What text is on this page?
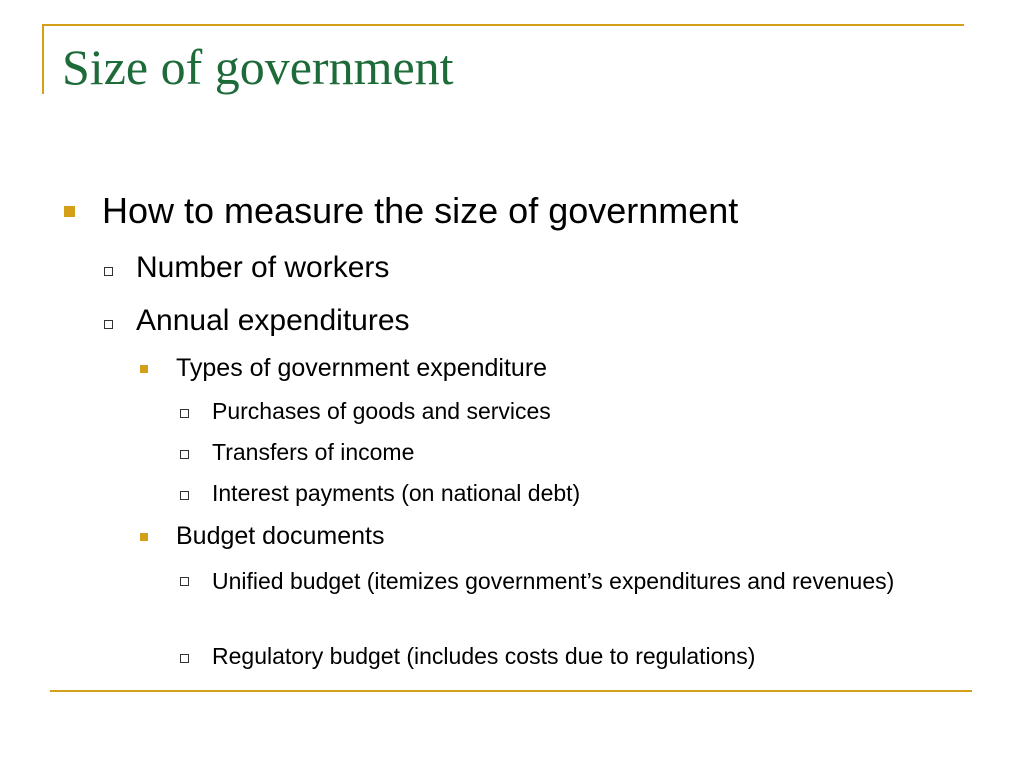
Size of government
How to measure the size of government
Number of workers
Annual expenditures
Types of government expenditure
Purchases of goods and services
Transfers of income
Interest payments (on national debt)
Budget documents
Unified budget (itemizes government’s expenditures and revenues)
Regulatory budget (includes costs due to regulations)
